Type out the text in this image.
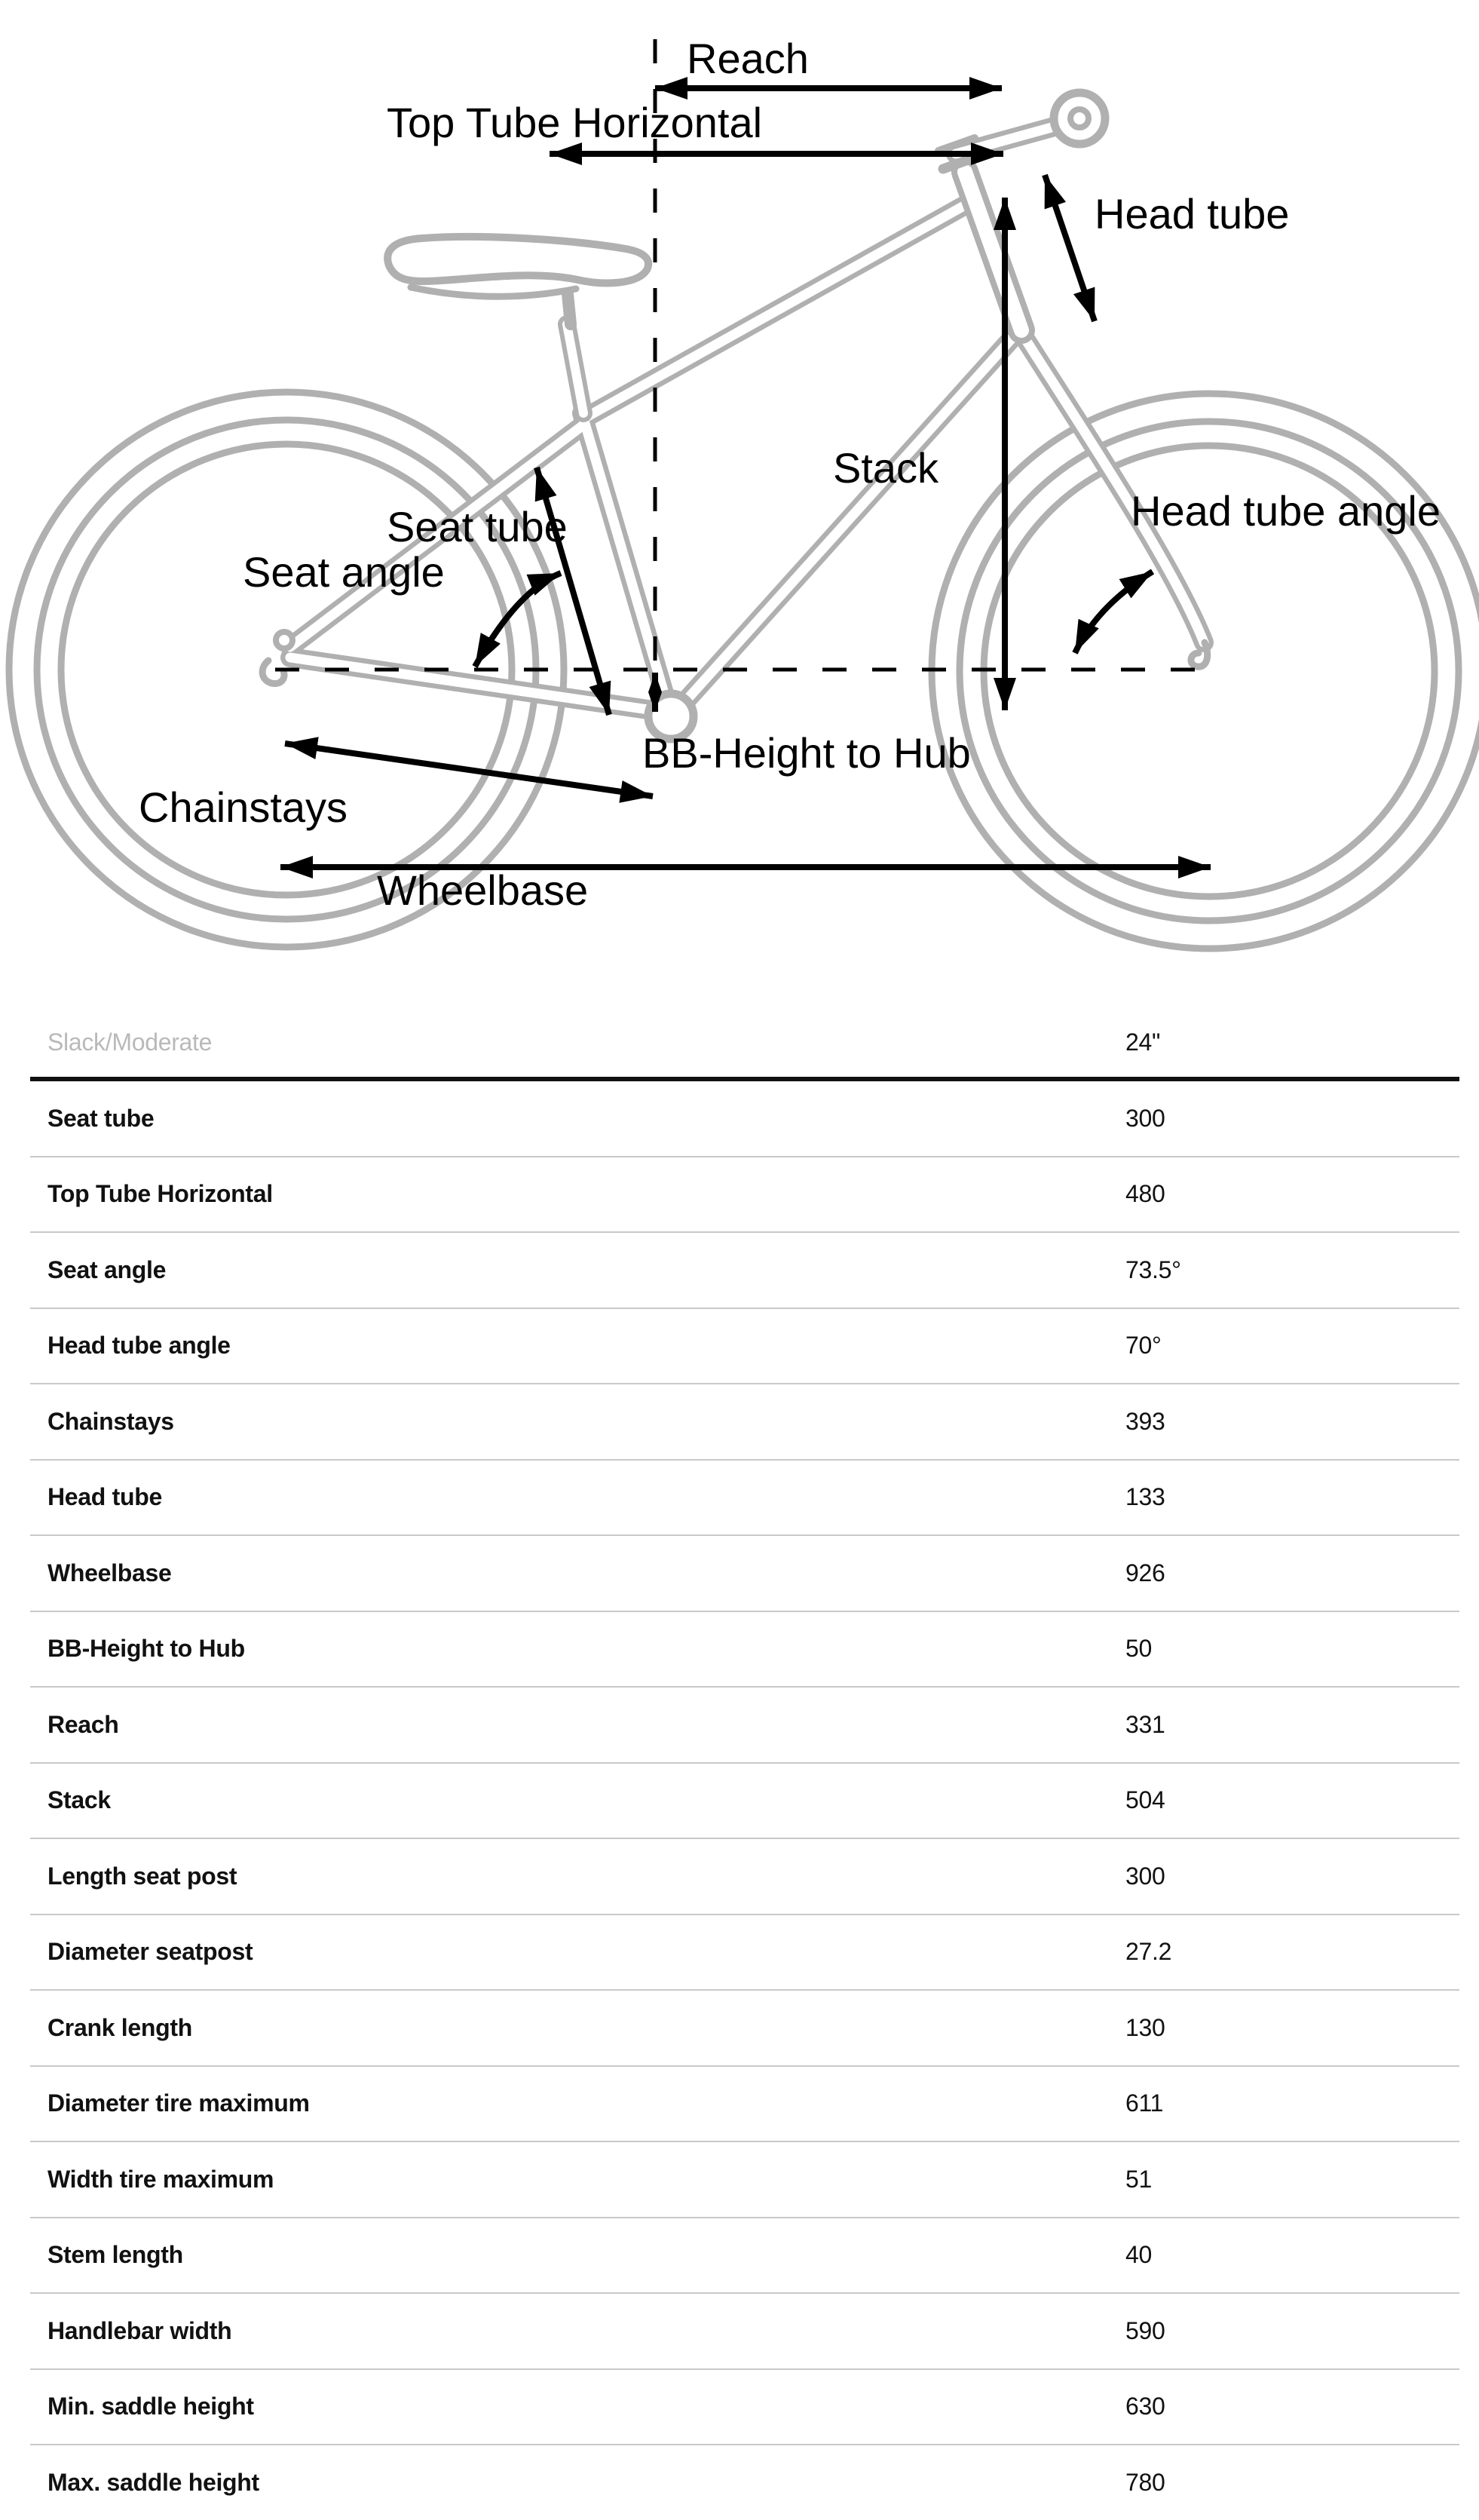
Reach
Top Tube Horizontal
Head tube
Stack
Head tube angle
Seat tube
Seat angle
BB-Height to Hub
Chainstays
Wheelbase
Slack/Moderate	24"
Seat tube	300
Top Tube Horizontal	480
Seat angle	73.5°
Head tube angle	70°
Chainstays	393
Head tube	133
Wheelbase	926
BB-Height to Hub	50
Reach	331
Stack	504
Length seat post	300
Diameter seatpost	27.2
Crank length	130
Diameter tire maximum	611
Width tire maximum	51
Stem length	40
Handlebar width	590
Min. saddle height	630
Max. saddle height	780
